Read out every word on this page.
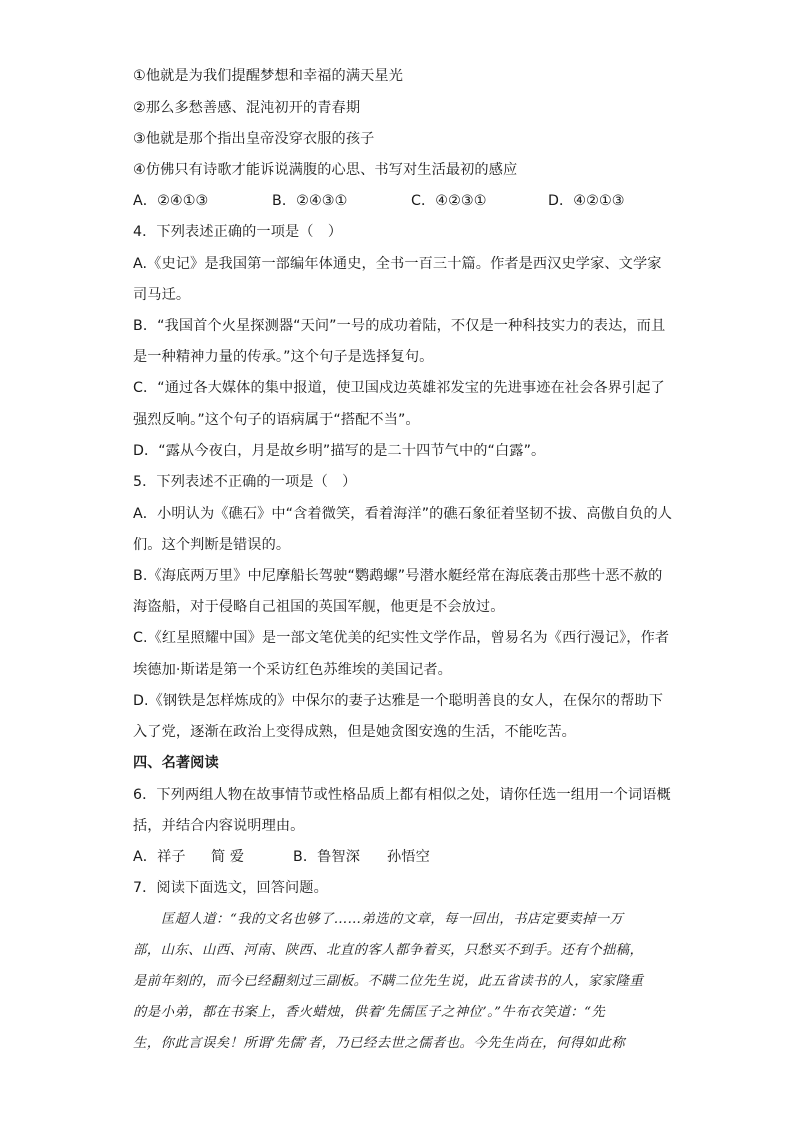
①他就是为我们提醒梦想和幸福的满天星光
②那么多愁善感、混沌初开的青春期
③他就是那个指出皇帝没穿衣服的孩子
④仿佛只有诗歌才能诉说满腹的心思、书写对生活最初的感应
A．②④①③	B．②④③①	C．④②③①	D．④②①③
4．下列表述正确的一项是（　）
A.《史记》是我国第一部编年体通史，全书一百三十篇。作者是西汉史学家、文学家
司马迁。
B．“我国首个火星探测器“天问”一号的成功着陆，不仅是一种科技实力的表达，而且
是一种精神力量的传承。”这个句子是选择复句。
C．“通过各大媒体的集中报道，使卫国戍边英雄祁发宝的先进事迹在社会各界引起了
强烈反响。”这个句子的语病属于“搭配不当”。
D．“露从今夜白，月是故乡明”描写的是二十四节气中的“白露”。
5．下列表述不正确的一项是（　）
A．小明认为《礁石》中“含着微笑，看着海洋”的礁石象征着坚韧不拔、高傲自负的人
们。这个判断是错误的。
B.《海底两万里》中尼摩船长驾驶“鹦鹉螺”号潜水艇经常在海底袭击那些十恶不赦的
海盗船，对于侵略自己祖国的英国军舰，他更是不会放过。
C.《红星照耀中国》是一部文笔优美的纪实性文学作品，曾易名为《西行漫记》，作者
埃德加·斯诺是第一个采访红色苏维埃的美国记者。
D.《钢铁是怎样炼成的》中保尔的妻子达雅是一个聪明善良的女人，在保尔的帮助下
入了党，逐渐在政治上变得成熟，但是她贪图安逸的生活，不能吃苦。
四、名著阅读
6．下列两组人物在故事情节或性格品质上都有相似之处，请你任选一组用一个词语概
括，并结合内容说明理由。
A．祥子 简 爱	B．鲁智深 孙悟空
7．阅读下面选文，回答问题。
匡超人道：“我的文名也够了……弟选的文章，每一回出，书店定要卖掉一万
部，山东、山西、河南、陕西、北直的客人都争着买，只愁买不到手。还有个拙稿，
是前年刻的，而今已经翻刻过三副板。不瞒二位先生说，此五省读书的人，家家隆重
的是小弟，都在书案上，香火蜡烛，供着‘先儒匡子之神位’。”牛布衣笑道：“先
生，你此言误矣！所谓‘先儒’者，乃已经去世之儒者也。今先生尚在，何得如此称
